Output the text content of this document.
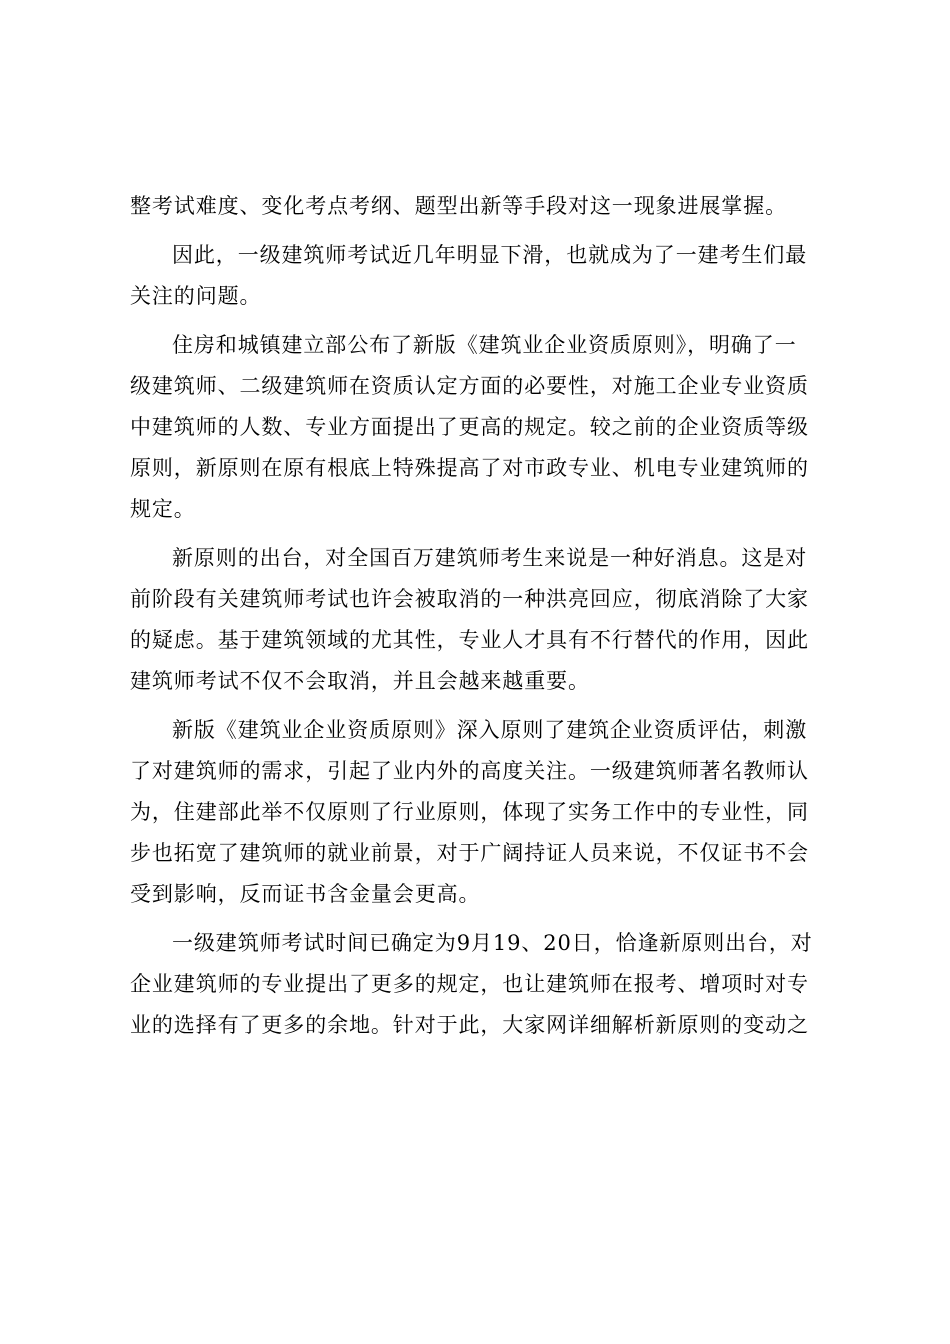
整考试难度、变化考点考纲、题型出新等手段对这一现象进展掌握。
因此，一级建筑师考试近几年明显下滑，也就成为了一建考生们最
关注的问题。
住房和城镇建立部公布了新版《建筑业企业资质原则》，明确了一
级建筑师、二级建筑师在资质认定方面的必要性，对施工企业专业资质
中建筑师的人数、专业方面提出了更高的规定。较之前的企业资质等级
原则，新原则在原有根底上特殊提高了对市政专业、机电专业建筑师的
规定。
新原则的出台，对全国百万建筑师考生来说是一种好消息。这是对
前阶段有关建筑师考试也许会被取消的一种洪亮回应，彻底消除了大家
的疑虑。基于建筑领域的尤其性，专业人才具有不行替代的作用，因此
建筑师考试不仅不会取消，并且会越来越重要。
新版《建筑业企业资质原则》深入原则了建筑企业资质评估，刺激
了对建筑师的需求，引起了业内外的高度关注。一级建筑师著名教师认
为，住建部此举不仅原则了行业原则，体现了实务工作中的专业性，同
步也拓宽了建筑师的就业前景，对于广阔持证人员来说，不仅证书不会
受到影响，反而证书含金量会更高。
一级建筑师考试时间已确定为9月19、20日，恰逢新原则出台，对
企业建筑师的专业提出了更多的规定，也让建筑师在报考、增项时对专
业的选择有了更多的余地。针对于此，大家网详细解析新原则的变动之
